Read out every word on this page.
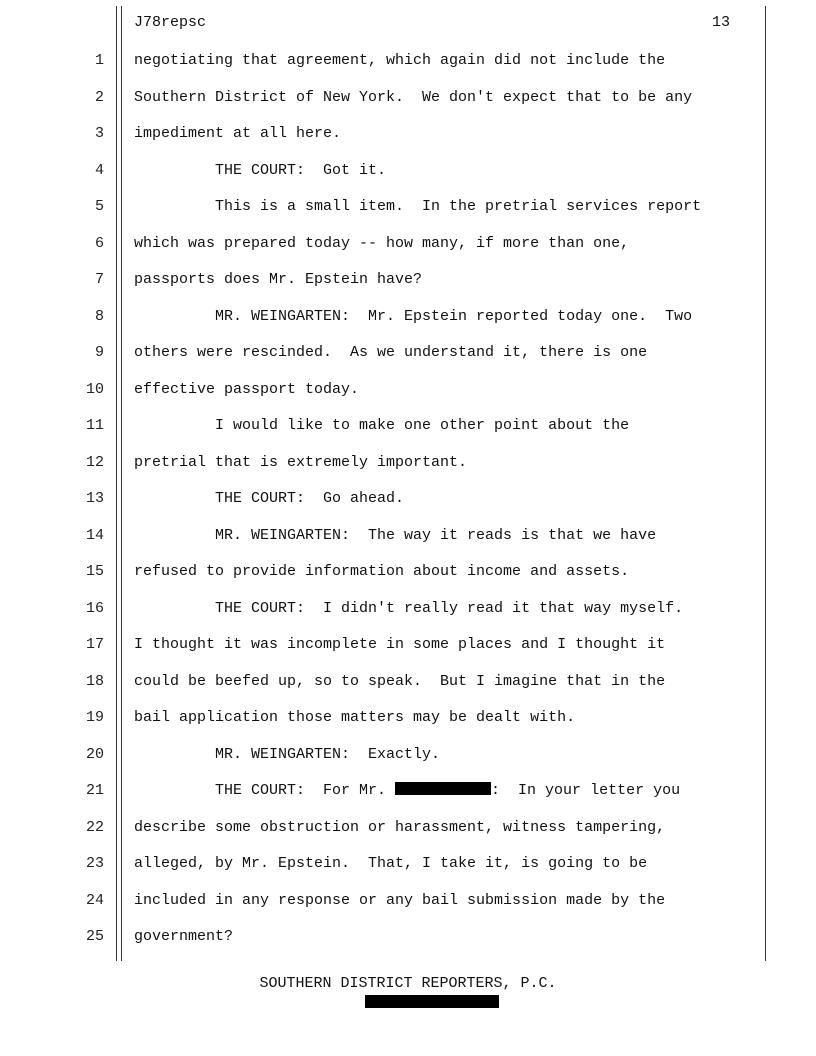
J78repsc	13
1 negotiating that agreement, which again did not include the
2 Southern District of New York.  We don't expect that to be any
3 impediment at all here.
4 THE COURT:  Got it.
5 This is a small item.  In the pretrial services report
6 which was prepared today -- how many, if more than one,
7 passports does Mr. Epstein have?
8 MR. WEINGARTEN:  Mr. Epstein reported today one.  Two
9 others were rescinded.  As we understand it, there is one
10 effective passport today.
11 I would like to make one other point about the
12 pretrial that is extremely important.
13 THE COURT:  Go ahead.
14 MR. WEINGARTEN:  The way it reads is that we have
15 refused to provide information about income and assets.
16 THE COURT:  I didn't really read it that way myself.
17 I thought it was incomplete in some places and I thought it
18 could be beefed up, so to speak.  But I imagine that in the
19 bail application those matters may be dealt with.
20 MR. WEINGARTEN:  Exactly.
21 THE COURT:  For Mr.	:  In your letter you
22 describe some obstruction or harassment, witness tampering,
23 alleged, by Mr. Epstein.  That, I take it, is going to be
24 included in any response or any bail submission made by the
25 government?
SOUTHERN DISTRICT REPORTERS, P.C.
